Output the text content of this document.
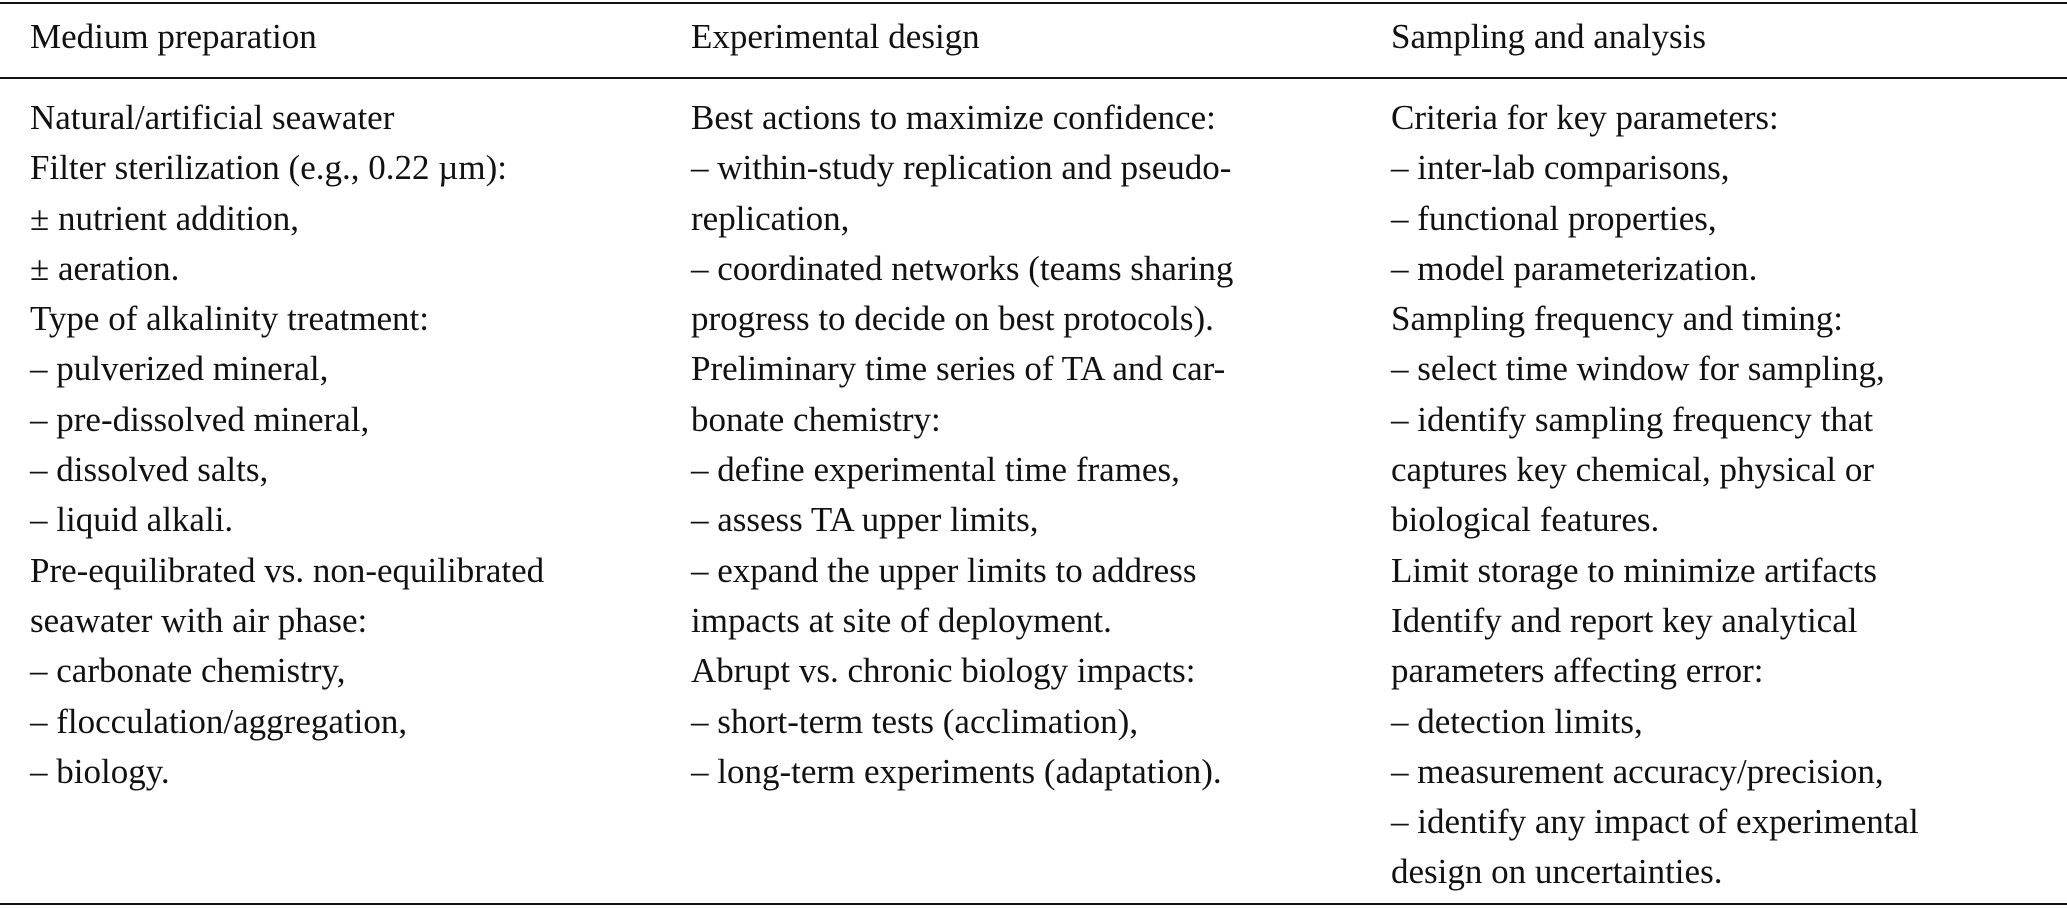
Medium preparation	Experimental design	Sampling and analysis
Natural/artificial seawater
Filter sterilization (e.g., 0.22 µm):
± nutrient addition,
± aeration.
Type of alkalinity treatment:
– pulverized mineral,
– pre-dissolved mineral,
– dissolved salts,
– liquid alkali.
Pre-equilibrated vs. non-equilibrated
seawater with air phase:
– carbonate chemistry,
– flocculation/aggregation,
– biology.
Best actions to maximize confidence:
– within-study replication and pseudo-
replication,
– coordinated networks (teams sharing
progress to decide on best protocols).
Preliminary time series of TA and car-
bonate chemistry:
– define experimental time frames,
– assess TA upper limits,
– expand the upper limits to address
impacts at site of deployment.
Abrupt vs. chronic biology impacts:
– short-term tests (acclimation),
– long-term experiments (adaptation).
Criteria for key parameters:
– inter-lab comparisons,
– functional properties,
– model parameterization.
Sampling frequency and timing:
– select time window for sampling,
– identify sampling frequency that
captures key chemical, physical or
biological features.
Limit storage to minimize artifacts
Identify and report key analytical
parameters affecting error:
– detection limits,
– measurement accuracy/precision,
– identify any impact of experimental
design on uncertainties.
